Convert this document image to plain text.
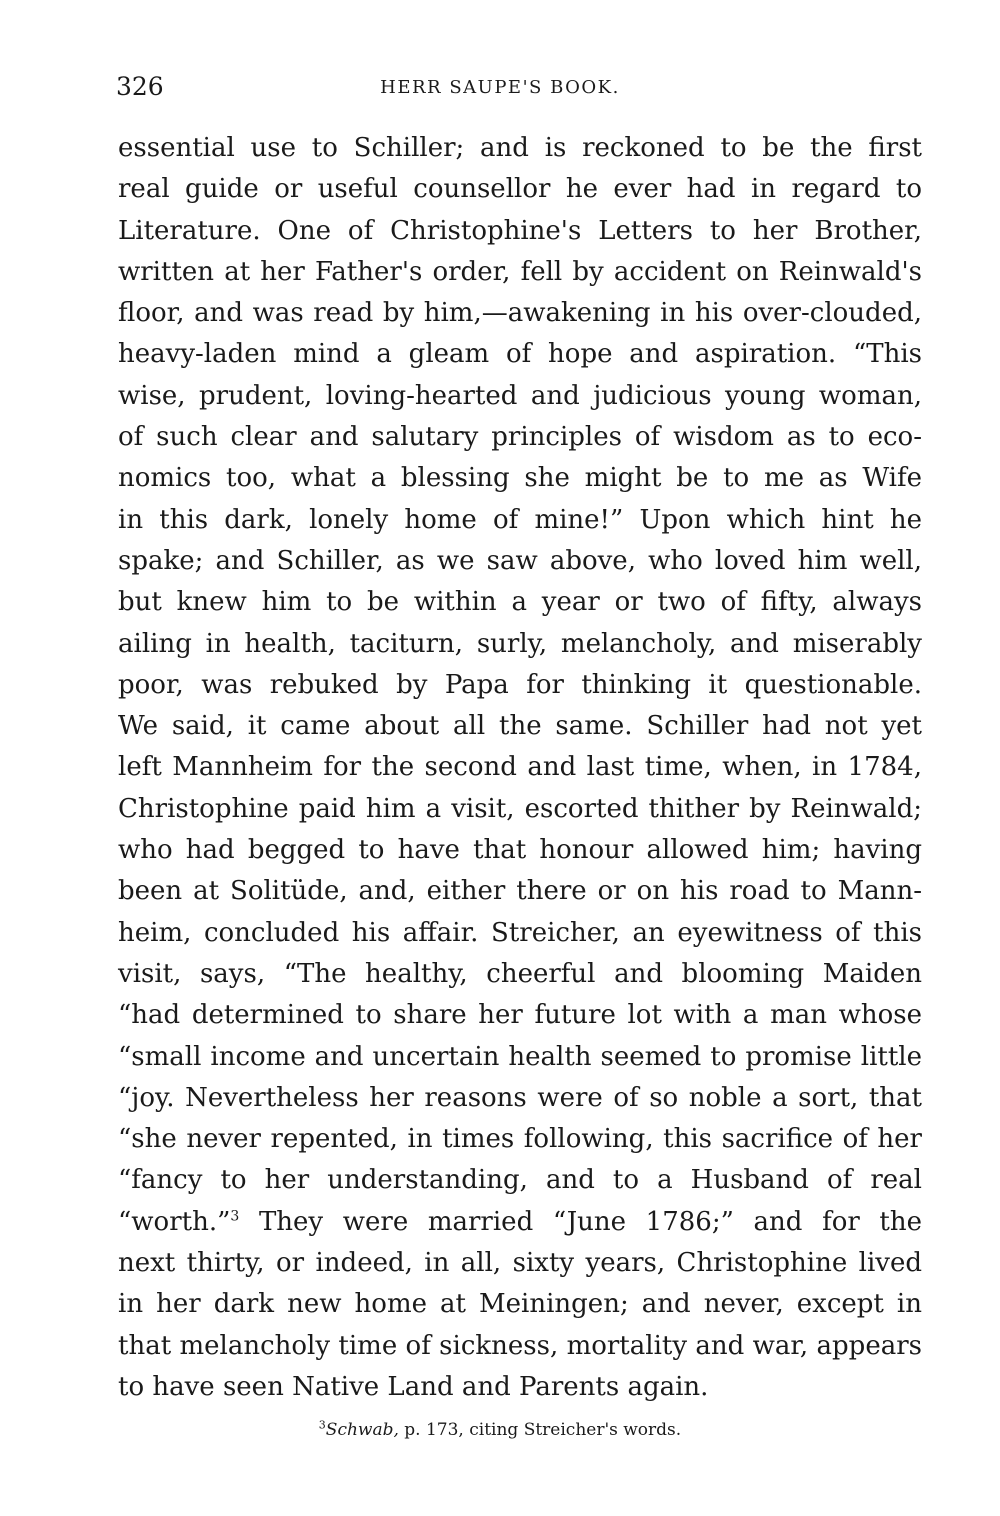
326	HERR SAUPE'S BOOK.
essential use to Schiller; and is reckoned to be the first
real guide or useful counsellor he ever had in regard to
Literature. One of Christophine's Letters to her Brother,
written at her Father's order, fell by accident on Reinwald's
floor, and was read by him,—awakening in his over-clouded,
heavy-laden mind a gleam of hope and aspiration. “This
wise, prudent, loving-hearted and judicious young woman,
of such clear and salutary principles of wisdom as to eco-
nomics too, what a blessing she might be to me as Wife
in this dark, lonely home of mine!” Upon which hint he
spake; and Schiller, as we saw above, who loved him well,
but knew him to be within a year or two of fifty, always
ailing in health, taciturn, surly, melancholy, and miserably
poor, was rebuked by Papa for thinking it questionable.
We said, it came about all the same. Schiller had not yet
left Mannheim for the second and last time, when, in 1784,
Christophine paid him a visit, escorted thither by Reinwald;
who had begged to have that honour allowed him; having
been at Solitüde, and, either there or on his road to Mann-
heim, concluded his affair. Streicher, an eyewitness of this
visit, says, “The healthy, cheerful and blooming Maiden
“had determined to share her future lot with a man whose
“small income and uncertain health seemed to promise little
“joy. Nevertheless her reasons were of so noble a sort, that
“she never repented, in times following, this sacrifice of her
“fancy to her understanding, and to a Husband of real
“worth.”$^3$ They were married “June 1786;” and for the
next thirty, or indeed, in all, sixty years, Christophine lived
in her dark new home at Meiningen; and never, except in
that melancholy time of sickness, mortality and war, appears
to have seen Native Land and Parents again.
$^3$Schwab, p. 173, citing Streicher's words.
